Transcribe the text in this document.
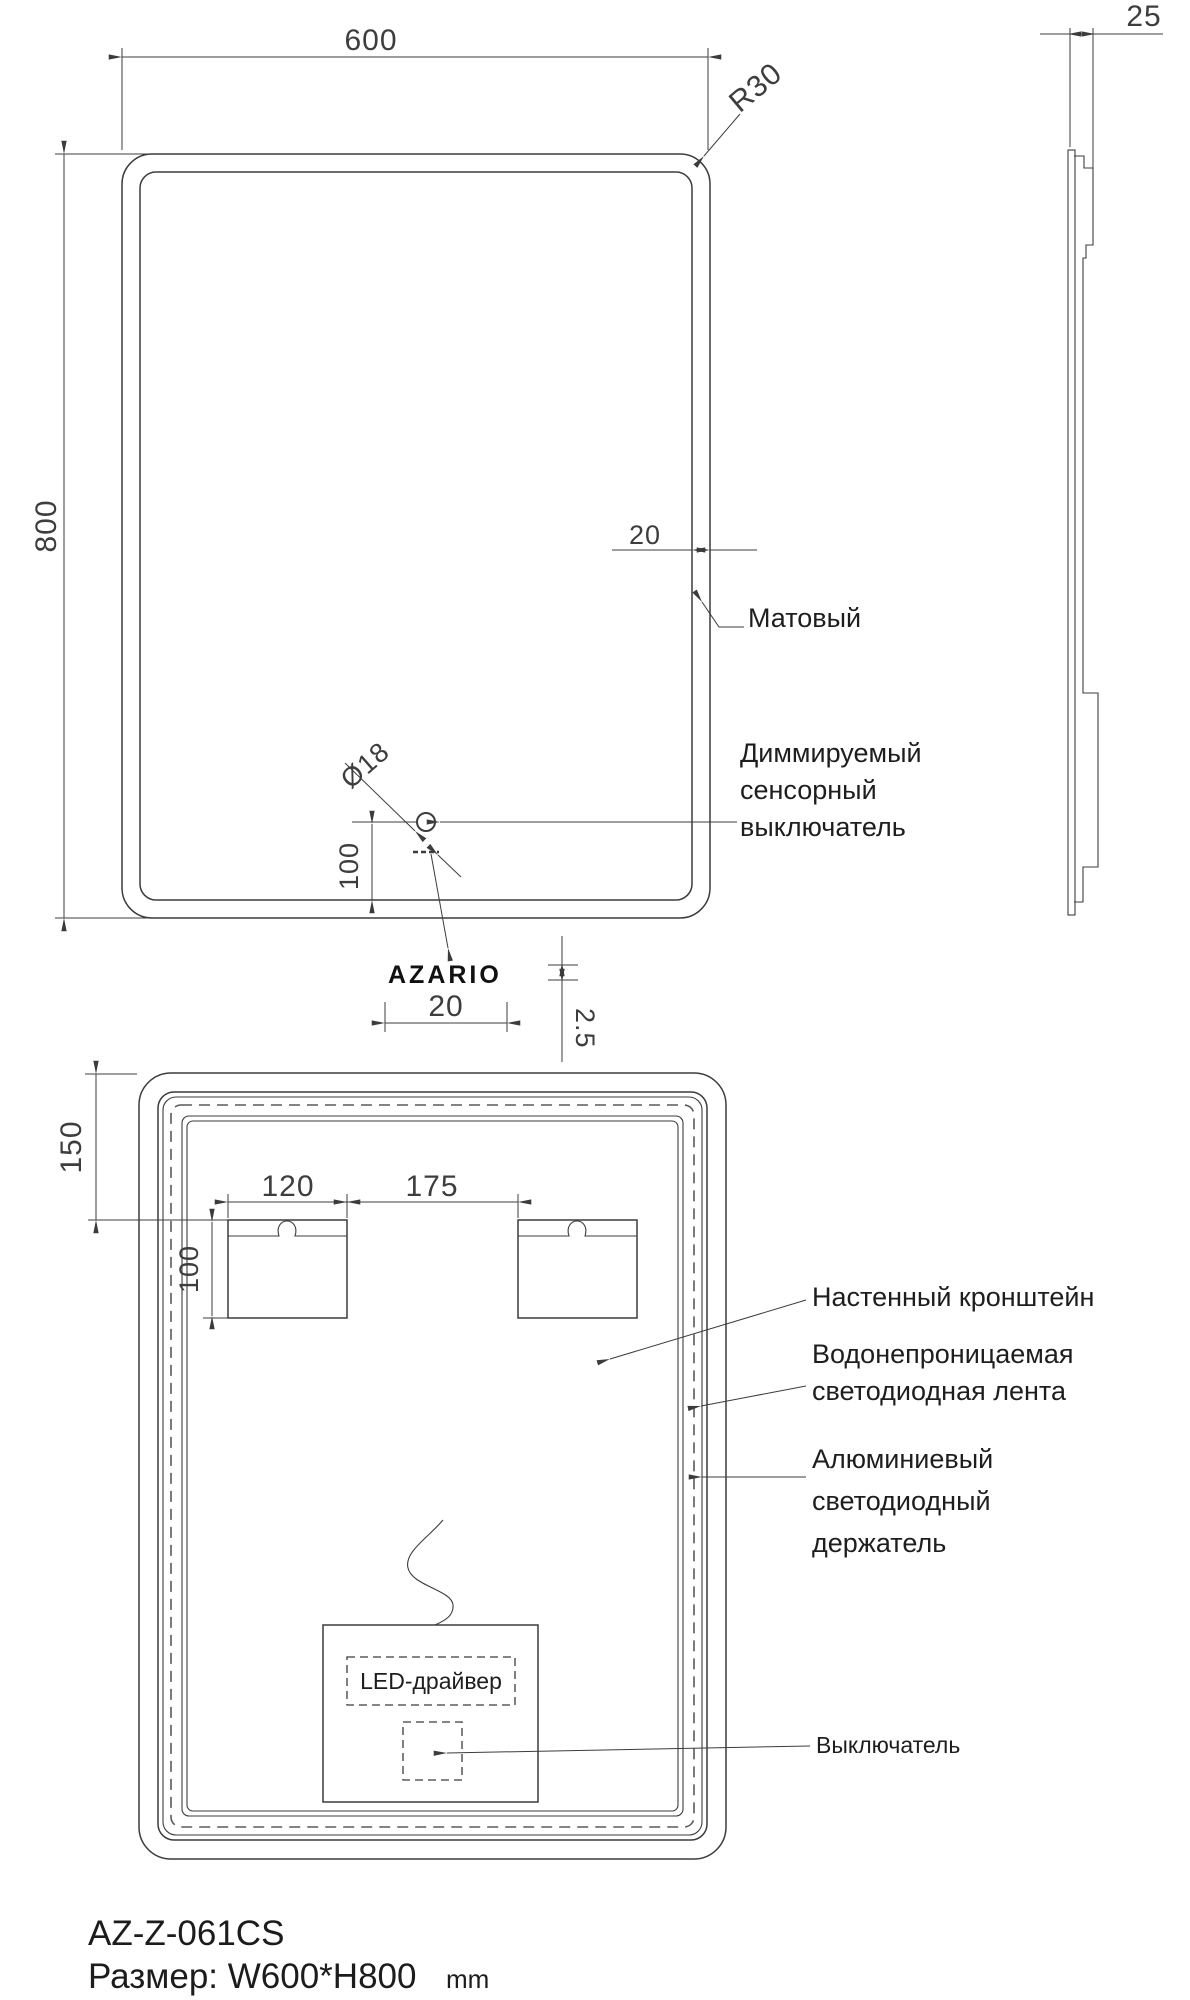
600
800
R30
20
Матовый
Ø18	Диммируемый
сенсорный
выключатель
100
AZARIO
20
2.5
25
150
120	175
100
LED-драйвер
Настенный кронштейн
Водонепроницаемая
светодиодная лента
Алюминиевый
светодиодный
держатель
Выключатель
AZ-Z-061CS
Размер: W600*H800 mm
